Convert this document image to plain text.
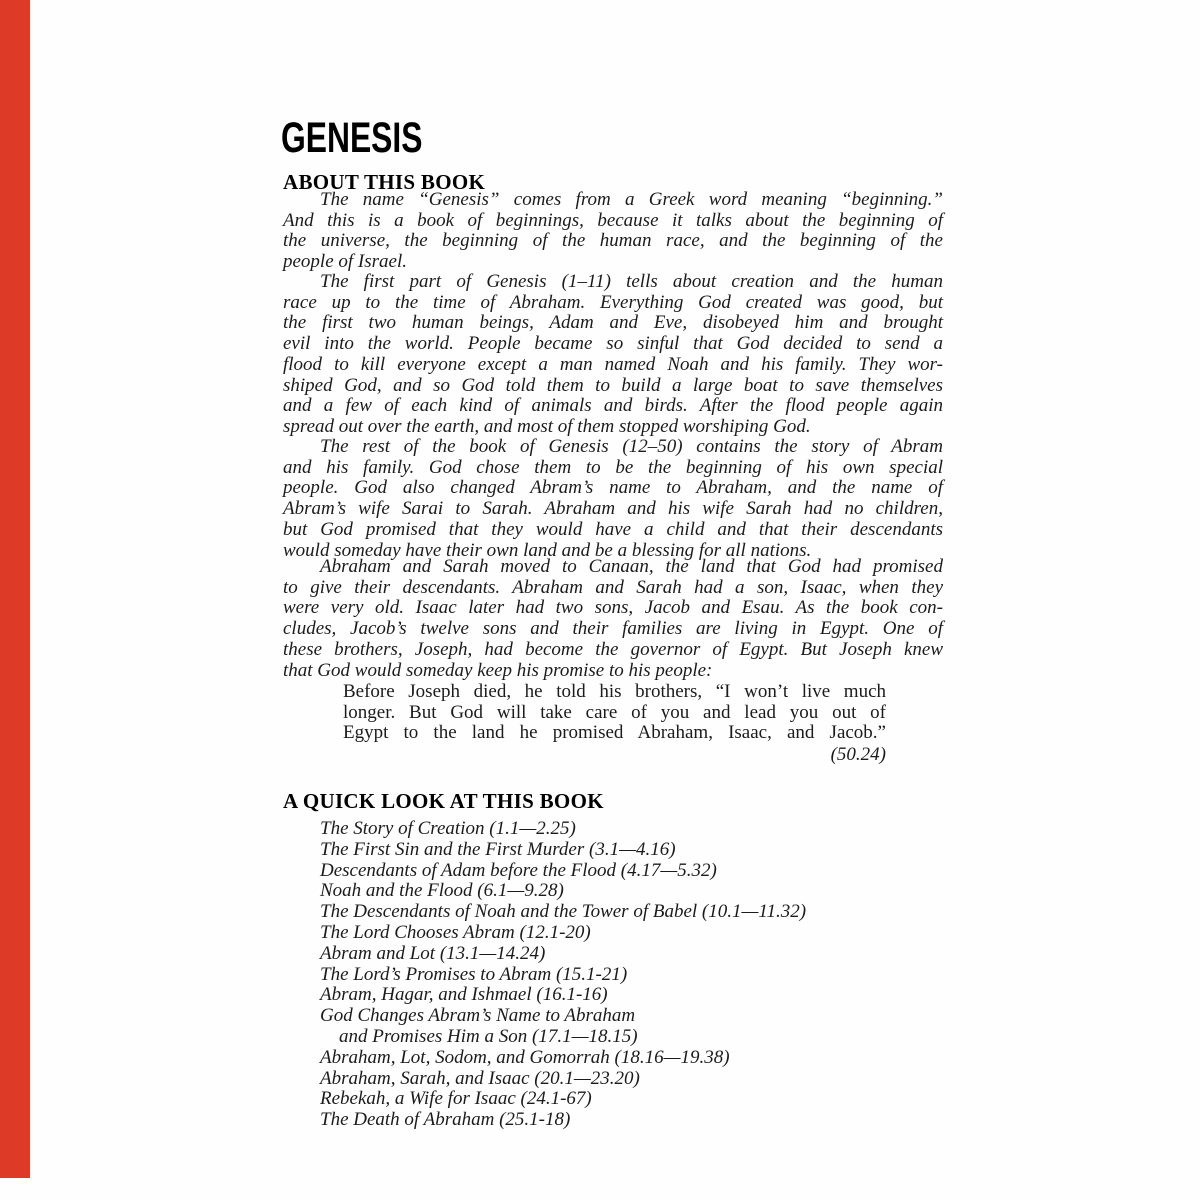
GENESIS
ABOUT THIS BOOK
The name “Genesis” comes from a Greek word meaning “beginning.”
And this is a book of beginnings, because it talks about the beginning of
the universe, the beginning of the human race, and the beginning of the
people of Israel.
The first part of Genesis (1–11) tells about creation and the human
race up to the time of Abraham. Everything God created was good, but
the first two human beings, Adam and Eve, disobeyed him and brought
evil into the world. People became so sinful that God decided to send a
flood to kill everyone except a man named Noah and his family. They wor-
shiped God, and so God told them to build a large boat to save themselves
and a few of each kind of animals and birds. After the flood people again
spread out over the earth, and most of them stopped worshiping God.
The rest of the book of Genesis (12–50) contains the story of Abram
and his family. God chose them to be the beginning of his own special
people. God also changed Abram’s name to Abraham, and the name of
Abram’s wife Sarai to Sarah. Abraham and his wife Sarah had no children,
but God promised that they would have a child and that their descendants
would someday have their own land and be a blessing for all nations.
Abraham and Sarah moved to Canaan, the land that God had promised
to give their descendants. Abraham and Sarah had a son, Isaac, when they
were very old. Isaac later had two sons, Jacob and Esau. As the book con-
cludes, Jacob’s twelve sons and their families are living in Egypt. One of
these brothers, Joseph, had become the governor of Egypt. But Joseph knew
that God would someday keep his promise to his people:
Before Joseph died, he told his brothers, “I won’t live much
longer. But God will take care of you and lead you out of
Egypt to the land he promised Abraham, Isaac, and Jacob.”
(50.24)
A QUICK LOOK AT THIS BOOK
The Story of Creation (1.1—2.25)
The First Sin and the First Murder (3.1—4.16)
Descendants of Adam before the Flood (4.17—5.32)
Noah and the Flood (6.1—9.28)
The Descendants of Noah and the Tower of Babel (10.1—11.32)
The Lord Chooses Abram (12.1-20)
Abram and Lot (13.1—14.24)
The Lord’s Promises to Abram (15.1-21)
Abram, Hagar, and Ishmael (16.1-16)
God Changes Abram’s Name to Abraham
and Promises Him a Son (17.1—18.15)
Abraham, Lot, Sodom, and Gomorrah (18.16—19.38)
Abraham, Sarah, and Isaac (20.1—23.20)
Rebekah, a Wife for Isaac (24.1-67)
The Death of Abraham (25.1-18)
